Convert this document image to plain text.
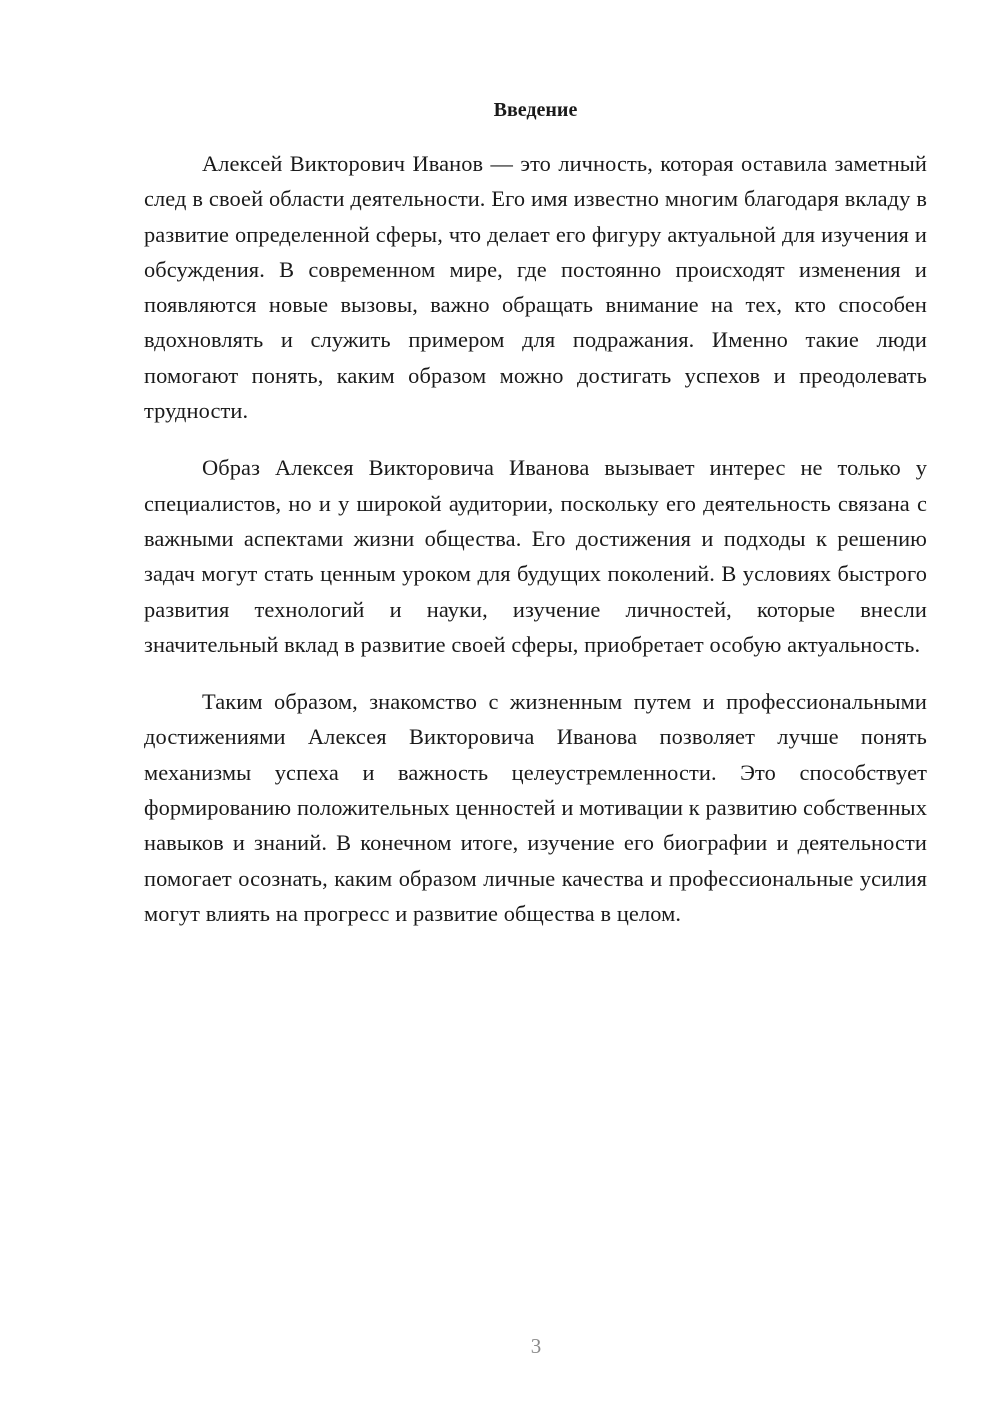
Введение

Алексей Викторович Иванов — это личность, которая оставила заметный след в своей области деятельности. Его имя известно многим благодаря вкладу в развитие определенной сферы, что делает его фигуру актуальной для изучения и обсуждения. В современном мире, где постоянно происходят изменения и появляются новые вызовы, важно обращать внимание на тех, кто способен вдохновлять и служить примером для подражания. Именно такие люди помогают понять, каким образом можно достигать успехов и преодолевать трудности.

Образ Алексея Викторовича Иванова вызывает интерес не только у специалистов, но и у широкой аудитории, поскольку его деятельность связана с важными аспектами жизни общества. Его достижения и подходы к решению задач могут стать ценным уроком для будущих поколений. В условиях быстрого развития технологий и науки, изучение личностей, которые внесли значительный вклад в развитие своей сферы, приобретает особую актуальность.

Таким образом, знакомство с жизненным путем и профессиональными достижениями Алексея Викторовича Иванова позволяет лучше понять механизмы успеха и важность целеустремленности. Это способствует формированию положительных ценностей и мотивации к развитию собственных навыков и знаний. В конечном итоге, изучение его биографии и деятельности помогает осознать, каким образом личные качества и профессиональные усилия могут влиять на прогресс и развитие общества в целом.

3
